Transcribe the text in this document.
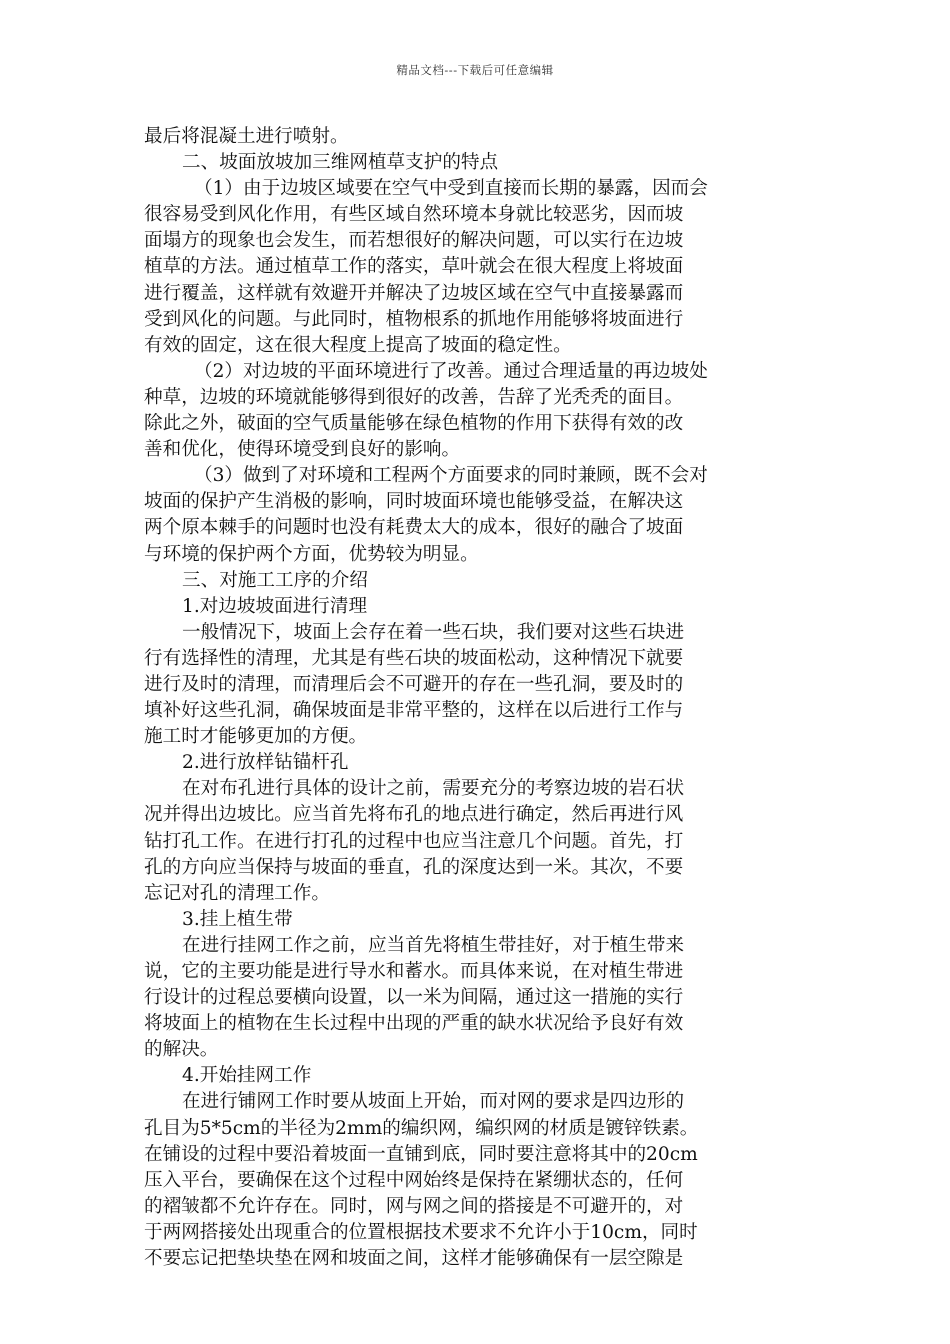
精品文档---下载后可任意编辑
最后将混凝土进行喷射。
二、坡面放坡加三维网植草支护的特点
（1）由于边坡区域要在空气中受到直接而长期的暴露，因而会
很容易受到风化作用，有些区域自然环境本身就比较恶劣，因而坡
面塌方的现象也会发生，而若想很好的解决问题，可以实行在边坡
植草的方法。通过植草工作的落实，草叶就会在很大程度上将坡面
进行覆盖，这样就有效避开并解决了边坡区域在空气中直接暴露而
受到风化的问题。与此同时，植物根系的抓地作用能够将坡面进行
有效的固定，这在很大程度上提高了坡面的稳定性。
（2）对边坡的平面环境进行了改善。通过合理适量的再边坡处
种草，边坡的环境就能够得到很好的改善，告辞了光秃秃的面目。
除此之外，破面的空气质量能够在绿色植物的作用下获得有效的改
善和优化，使得环境受到良好的影响。
（3）做到了对环境和工程两个方面要求的同时兼顾，既不会对
坡面的保护产生消极的影响，同时坡面环境也能够受益，在解决这
两个原本棘手的问题时也没有耗费太大的成本，很好的融合了坡面
与环境的保护两个方面，优势较为明显。
三、对施工工序的介绍
1.对边坡坡面进行清理
一般情况下，坡面上会存在着一些石块，我们要对这些石块进
行有选择性的清理，尤其是有些石块的坡面松动，这种情况下就要
进行及时的清理，而清理后会不可避开的存在一些孔洞，要及时的
填补好这些孔洞，确保坡面是非常平整的，这样在以后进行工作与
施工时才能够更加的方便。
2.进行放样钻锚杆孔
在对布孔进行具体的设计之前，需要充分的考察边坡的岩石状
况并得出边坡比。应当首先将布孔的地点进行确定，然后再进行风
钻打孔工作。在进行打孔的过程中也应当注意几个问题。首先，打
孔的方向应当保持与坡面的垂直，孔的深度达到一米。其次，不要
忘记对孔的清理工作。
3.挂上植生带
在进行挂网工作之前，应当首先将植生带挂好，对于植生带来
说，它的主要功能是进行导水和蓄水。而具体来说，在对植生带进
行设计的过程总要横向设置，以一米为间隔，通过这一措施的实行
将坡面上的植物在生长过程中出现的严重的缺水状况给予良好有效
的解决。
4.开始挂网工作
在进行铺网工作时要从坡面上开始，而对网的要求是四边形的
孔目为5*5cm的半径为2mm的编织网，编织网的材质是镀锌铁素。
在铺设的过程中要沿着坡面一直铺到底，同时要注意将其中的20cm
压入平台，要确保在这个过程中网始终是保持在紧绷状态的，任何
的褶皱都不允许存在。同时，网与网之间的搭接是不可避开的，对
于两网搭接处出现重合的位置根据技术要求不允许小于10cm，同时
不要忘记把垫块垫在网和坡面之间，这样才能够确保有一层空隙是
